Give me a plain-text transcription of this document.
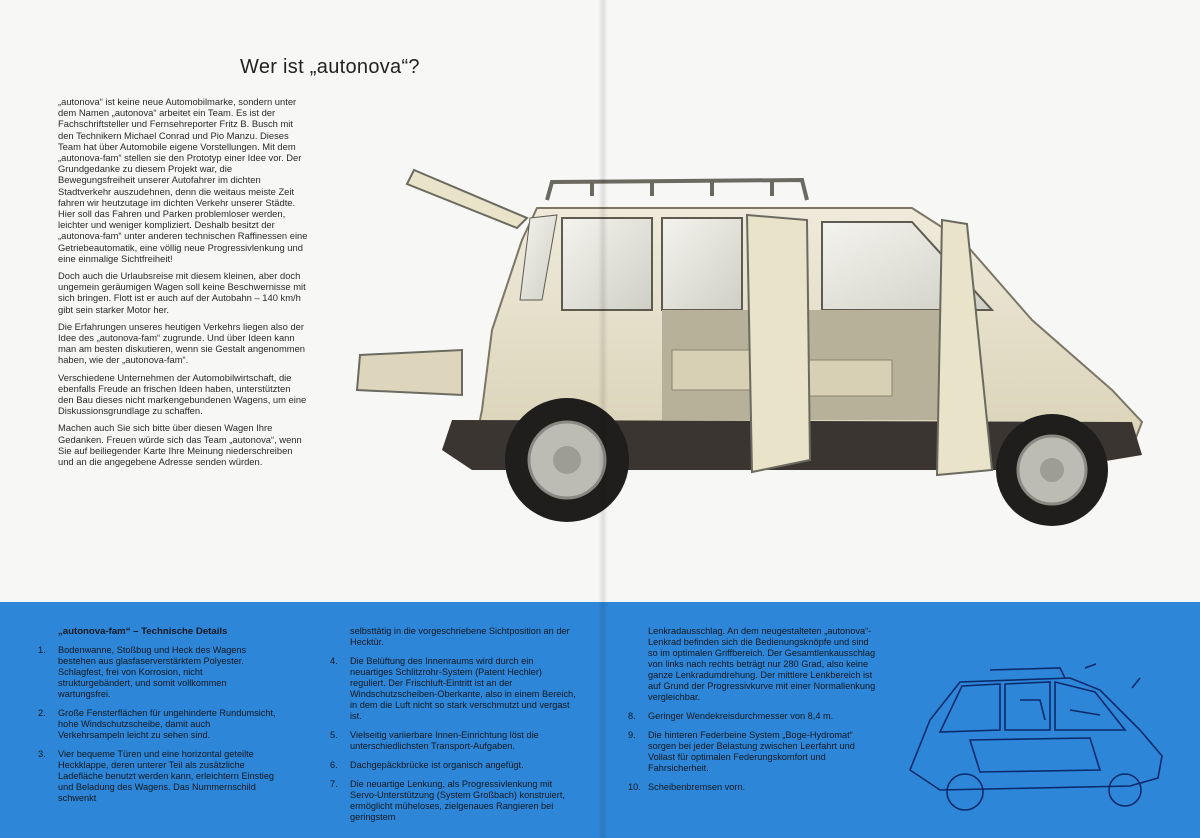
Wer ist „autonova“?

„autonova“ ist keine neue Automobilmarke, sondern unter dem Namen „autonova“ arbeitet ein Team. Es ist der Fachschriftsteller und Fernsehreporter Fritz B. Busch mit den Technikern Michael Conrad und Pio Manzu. Dieses Team hat über Automobile eigene Vorstellungen. Mit dem „autonova-fam“ stellen sie den Prototyp einer Idee vor. Der Grundgedanke zu diesem Projekt war, die Bewegungsfreiheit unserer Autofahrer im dichten Stadtverkehr auszudehnen, denn die weitaus meiste Zeit fahren wir heutzutage im dichten Verkehr unserer Städte. Hier soll das Fahren und Parken problemloser werden, leichter und weniger kompliziert. Deshalb besitzt der „autonova-fam“ unter anderen technischen Raffinessen eine Getriebeautomatik, eine völlig neue Progressivlenkung und eine einmalige Sichtfreiheit!

Doch auch die Urlaubsreise mit diesem kleinen, aber doch ungemein geräumigen Wagen soll keine Beschwernisse mit sich bringen. Flott ist er auch auf der Autobahn – 140 km/h gibt sein starker Motor her.

Die Erfahrungen unseres heutigen Verkehrs liegen also der Idee des „autonova-fam“ zugrunde. Und über Ideen kann man am besten diskutieren, wenn sie Gestalt angenommen haben, wie der „autonova-fam“.

Verschiedene Unternehmen der Automobilwirtschaft, die ebenfalls Freude an frischen Ideen haben, unterstützten den Bau dieses nicht markengebundenen Wagens, um eine Diskussionsgrundlage zu schaffen.

Machen auch Sie sich bitte über diesen Wagen Ihre Gedanken. Freuen würde sich das Team „autonova“, wenn Sie auf beiliegender Karte Ihre Meinung niederschreiben und an die angegebene Adresse senden würden.

„autonova-fam“ – Technische Details
1.	Bodenwanne, Stoßbug und Heck des Wagens bestehen aus glasfaserverstärktem Polyester. Schlagfest, frei von Korrosion, nicht strukturgebändert, und somit vollkommen wartungsfrei.
2.	Große Fensterflächen für ungehinderte Rundumsicht, hohe Windschutzscheibe, damit auch Verkehrsampeln leicht zu sehen sind.
3.	Vier bequeme Türen und eine horizontal geteilte Heckklappe, deren unterer Teil als zusätzliche Ladefläche benutzt werden kann, erleichtern Einstieg und Beladung des Wagens. Das Nummernschild schwenkt
selbsttätig in die vorgeschriebene Sichtposition an der Hecktür.
4.	Die Belüftung des Innenraums wird durch ein neuartiges Schlitzrohr-System (Patent Hechler) reguliert. Der Frischluft-Eintritt ist an der Windschutzscheiben-Oberkante, also in einem Bereich, in dem die Luft nicht so stark verschmutzt und vergast ist.
5.	Vielseitig variierbare Innen-Einrichtung löst die unterschiedlichsten Transport-Aufgaben.
6.	Dachgepäckbrücke ist organisch angefügt.
7.	Die neuartige Lenkung, als Progressivlenkung mit Servo-Unterstützung (System Großbach) konstruiert, ermöglicht müheloses, zielgenaues Rangieren bei geringstem
Lenkradausschlag. An dem neugestalteten „autonova“-Lenkrad befinden sich die Bedienungsknöpfe und sind so im optimalen Griffbereich. Der Gesamtlenkausschlag von links nach rechts beträgt nur 280 Grad, also keine ganze Lenkradumdrehung. Der mittlere Lenkbereich ist auf Grund der Progressivkurve mit einer Normallenkung vergleichbar.
8.	Geringer Wendekreisdurchmesser von 8,4 m.
9.	Die hinteren Federbeine System „Boge-Hydromat“ sorgen bei jeder Belastung zwischen Leerfahrt und Vollast für optimalen Federungskomfort und Fahrsicherheit.
10. Scheibenbremsen vorn.
